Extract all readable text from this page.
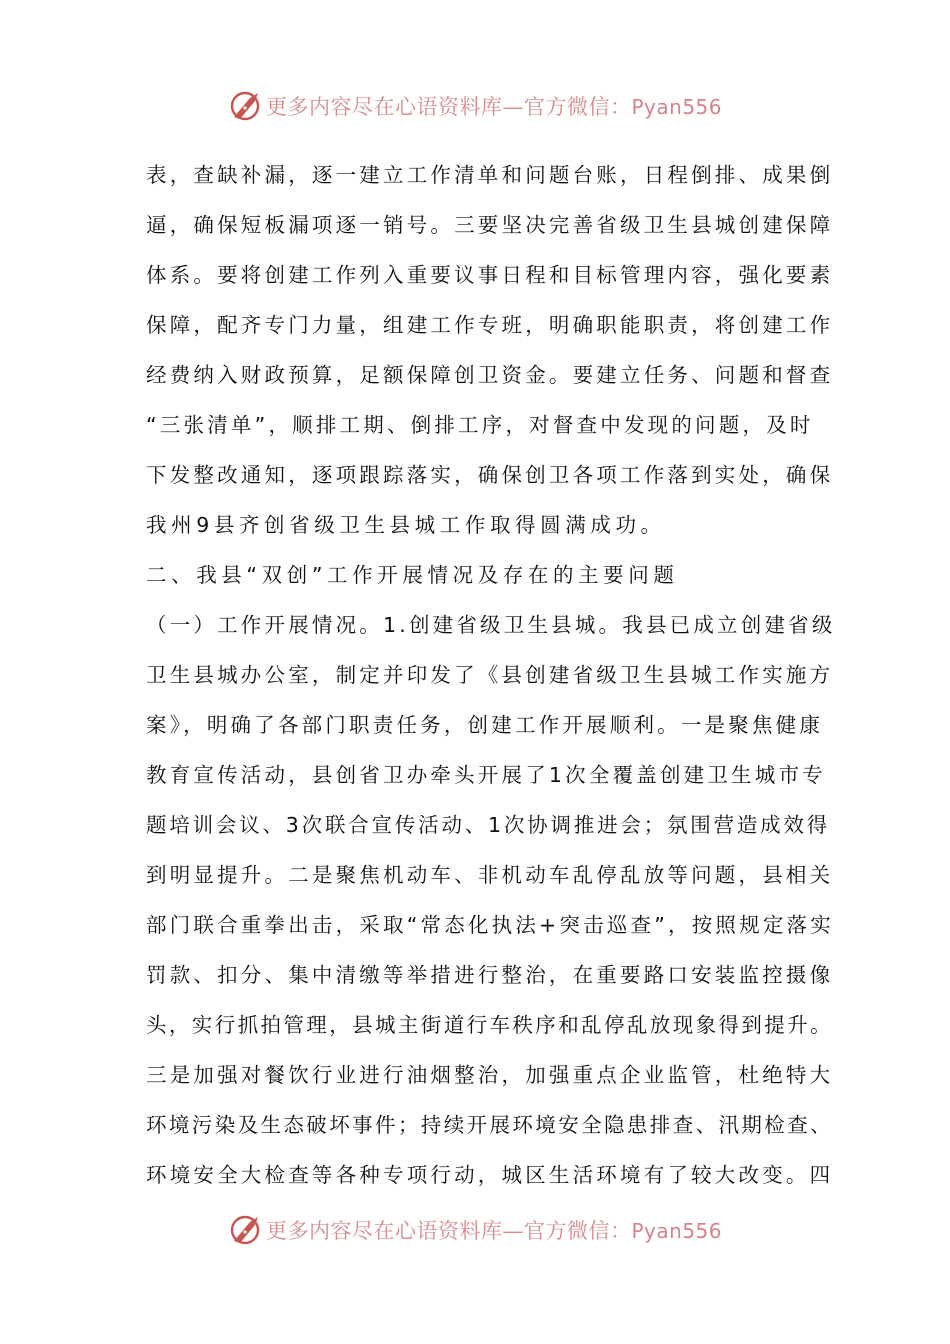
更多内容尽在心语资料库—官方微信：Pyan556
表，查缺补漏，逐一建立工作清单和问题台账，日程倒排、成果倒
逼，确保短板漏项逐一销号。三要坚决完善省级卫生县城创建保障
体系。要将创建工作列入重要议事日程和目标管理内容，强化要素
保障，配齐专门力量，组建工作专班，明确职能职责，将创建工作
经费纳入财政预算，足额保障创卫资金。要建立任务、问题和督查
“三张清单”，顺排工期、倒排工序，对督查中发现的问题，及时
下发整改通知，逐项跟踪落实，确保创卫各项工作落到实处，确保
我州9县齐创省级卫生县城工作取得圆满成功。
二、我县“双创”工作开展情况及存在的主要问题
（一）工作开展情况。1.创建省级卫生县城。我县已成立创建省级
卫生县城办公室，制定并印发了《县创建省级卫生县城工作实施方
案》，明确了各部门职责任务，创建工作开展顺利。一是聚焦健康
教育宣传活动，县创省卫办牵头开展了1次全覆盖创建卫生城市专
题培训会议、3次联合宣传活动、1次协调推进会；氛围营造成效得
到明显提升。二是聚焦机动车、非机动车乱停乱放等问题，县相关
部门联合重拳出击，采取“常态化执法+突击巡查”，按照规定落实
罚款、扣分、集中清缴等举措进行整治，在重要路口安装监控摄像
头，实行抓拍管理，县城主街道行车秩序和乱停乱放现象得到提升。
三是加强对餐饮行业进行油烟整治，加强重点企业监管，杜绝特大
环境污染及生态破坏事件；持续开展环境安全隐患排查、汛期检查、
环境安全大检查等各种专项行动，城区生活环境有了较大改变。四
更多内容尽在心语资料库—官方微信：Pyan556
